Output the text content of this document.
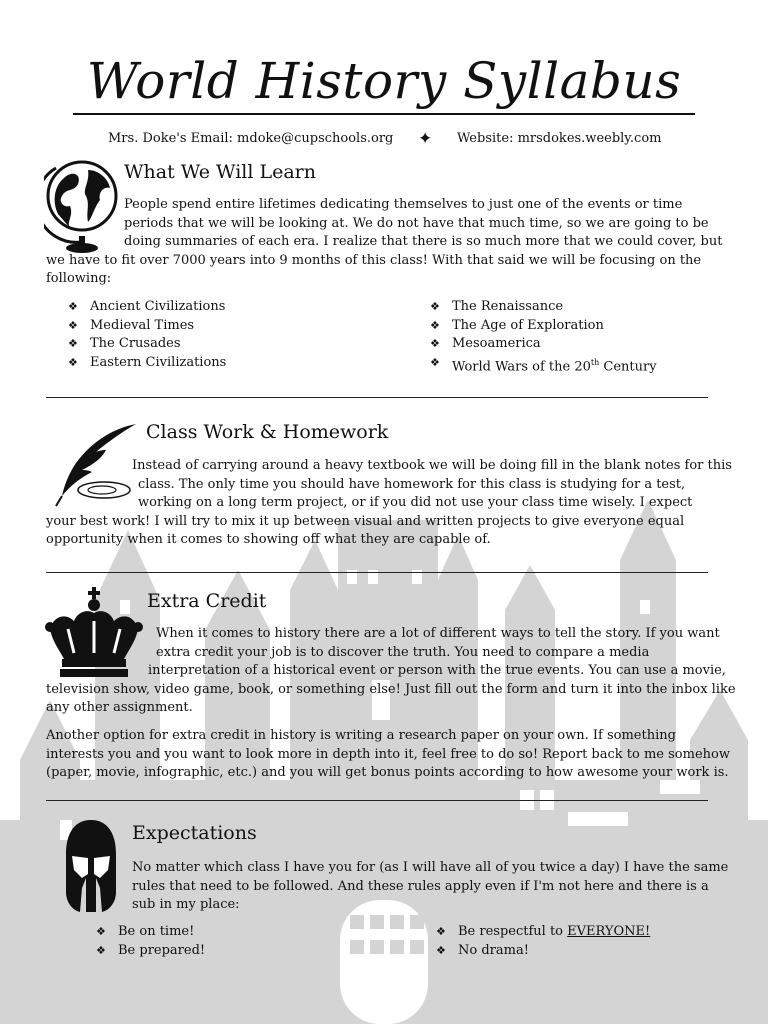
World History Syllabus
Mrs. Doke's Email: mdoke@cupschools.org ✦ Website: mrsdokes.weebly.com
What We Will Learn

People spend entire lifetimes dedicating themselves to just one of the events or time
periods that we will be looking at. We do not have that much time, so we are going to be
doing summaries of each era. I realize that there is so much more that we could cover, but

we have to fit over 7000 years into 9 months of this class! With that said we will be focusing on the
following:

❖ Ancient Civilizations
❖ Medieval Times
❖ The Crusades
❖ Eastern Civilizations
❖ The Renaissance
❖ The Age of Exploration
❖ Mesoamerica
❖ World Wars of the 20th Century
Class Work & Homework

Instead of carrying around a heavy textbook we will be doing fill in the blank notes for this
class. The only time you should have homework for this class is studying for a test,
working on a long term project, or if you did not use your class time wisely. I expect

your best work! I will try to mix it up between visual and written projects to give everyone equal
opportunity when it comes to showing off what they are capable of.

Extra Credit

When it comes to history there are a lot of different ways to tell the story. If you want
extra credit your job is to discover the truth. You need to compare a media
interpretation of a historical event or person with the true events. You can use a movie,

television show, video game, book, or something else! Just fill out the form and turn it into the inbox like
any other assignment.

Another option for extra credit in history is writing a research paper on your own. If something
interests you and you want to look more in depth into it, feel free to do so! Report back to me somehow
(paper, movie, infographic, etc.) and you will get bonus points according to how awesome your work is.

Expectations

No matter which class I have you for (as I will have all of you twice a day) I have the same
rules that need to be followed. And these rules apply even if I'm not here and there is a
sub in my place:

❖ Be on time!
❖ Be prepared!
❖ Be respectful to EVERYONE!
❖ No drama!
